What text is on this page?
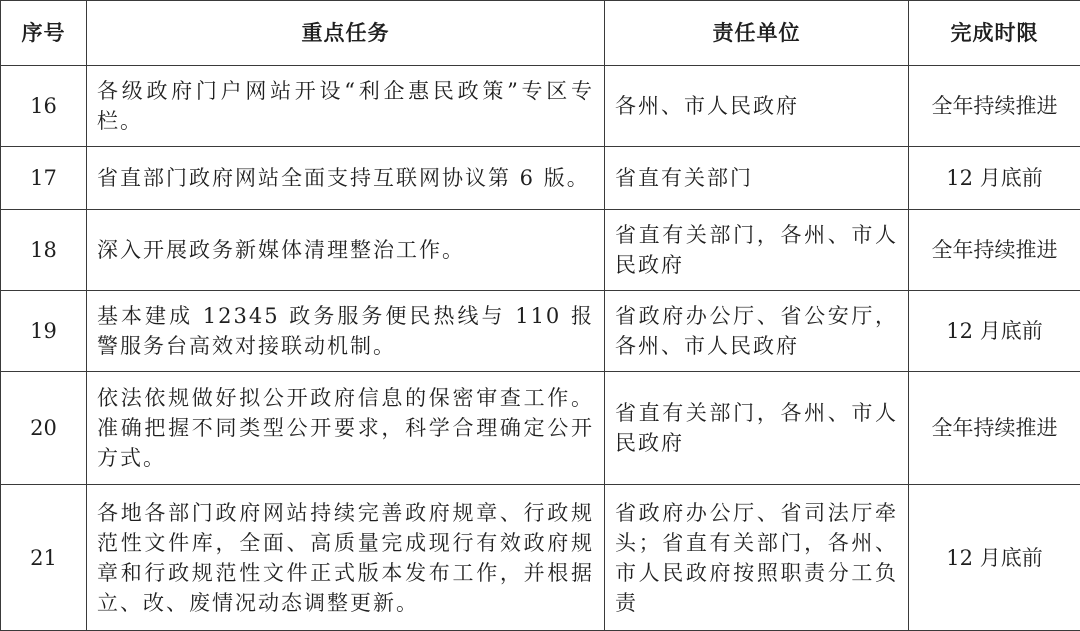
序号	重点任务	责任单位	完成时限
16	各级政府门户网站开设“利企惠民政策”专区专栏。	各州、市人民政府	全年持续推进
17	省直部门政府网站全面支持互联网协议第 6 版。	省直有关部门	12 月底前
18	深入开展政务新媒体清理整治工作。	省直有关部门，各州、市人民政府	全年持续推进
19	基本建成 12345 政务服务便民热线与 110 报警服务台高效对接联动机制。	省政府办公厅、省公安厅，各州、市人民政府	12 月底前
20	依法依规做好拟公开政府信息的保密审查工作。准确把握不同类型公开要求，科学合理确定公开方式。	省直有关部门，各州、市人民政府	全年持续推进
21	各地各部门政府网站持续完善政府规章、行政规范性文件库，全面、高质量完成现行有效政府规章和行政规范性文件正式版本发布工作，并根据立、改、废情况动态调整更新。	省政府办公厅、省司法厅牵头；省直有关部门，各州、市人民政府按照职责分工负责	12 月底前
